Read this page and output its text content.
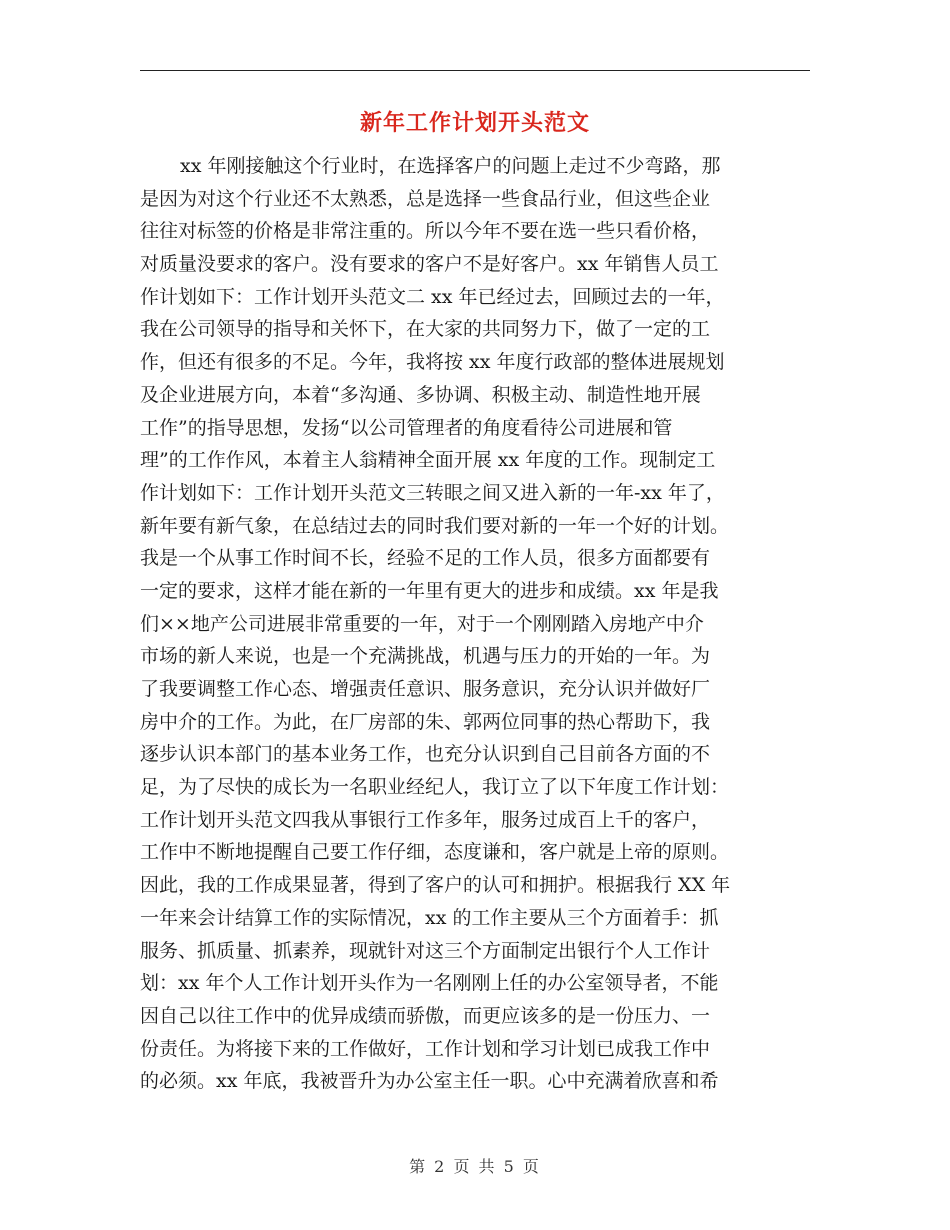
新年工作计划开头范文
xx 年刚接触这个行业时，在选择客户的问题上走过不少弯路，那
是因为对这个行业还不太熟悉，总是选择一些食品行业，但这些企业
往往对标签的价格是非常注重的。所以今年不要在选一些只看价格，
对质量没要求的客户。没有要求的客户不是好客户。xx 年销售人员工
作计划如下：工作计划开头范文二 xx 年已经过去，回顾过去的一年，
我在公司领导的指导和关怀下，在大家的共同努力下，做了一定的工
作，但还有很多的不足。今年，我将按 xx 年度行政部的整体进展规划
及企业进展方向，本着“多沟通、多协调、积极主动、制造性地开展
工作”的指导思想，发扬“以公司管理者的角度看待公司进展和管
理”的工作作风，本着主人翁精神全面开展 xx 年度的工作。现制定工
作计划如下：工作计划开头范文三转眼之间又进入新的一年-xx 年了，
新年要有新气象，在总结过去的同时我们要对新的一年一个好的计划。
我是一个从事工作时间不长，经验不足的工作人员，很多方面都要有
一定的要求，这样才能在新的一年里有更大的进步和成绩。xx 年是我
们××地产公司进展非常重要的一年，对于一个刚刚踏入房地产中介
市场的新人来说，也是一个充满挑战，机遇与压力的开始的一年。为
了我要调整工作心态、增强责任意识、服务意识，充分认识并做好厂
房中介的工作。为此，在厂房部的朱、郭两位同事的热心帮助下，我
逐步认识本部门的基本业务工作，也充分认识到自己目前各方面的不
足，为了尽快的成长为一名职业经纪人，我订立了以下年度工作计划：
工作计划开头范文四我从事银行工作多年，服务过成百上千的客户，
工作中不断地提醒自己要工作仔细，态度谦和，客户就是上帝的原则。
因此，我的工作成果显著，得到了客户的认可和拥护。根据我行 XX 年
一年来会计结算工作的实际情况，xx 的工作主要从三个方面着手：抓
服务、抓质量、抓素养，现就针对这三个方面制定出银行个人工作计
划：xx 年个人工作计划开头作为一名刚刚上任的办公室领导者，不能
因自己以往工作中的优异成绩而骄傲，而更应该多的是一份压力、一
份责任。为将接下来的工作做好，工作计划和学习计划已成我工作中
的必须。xx 年底，我被晋升为办公室主任一职。心中充满着欣喜和希
第 2 页 共 5 页
